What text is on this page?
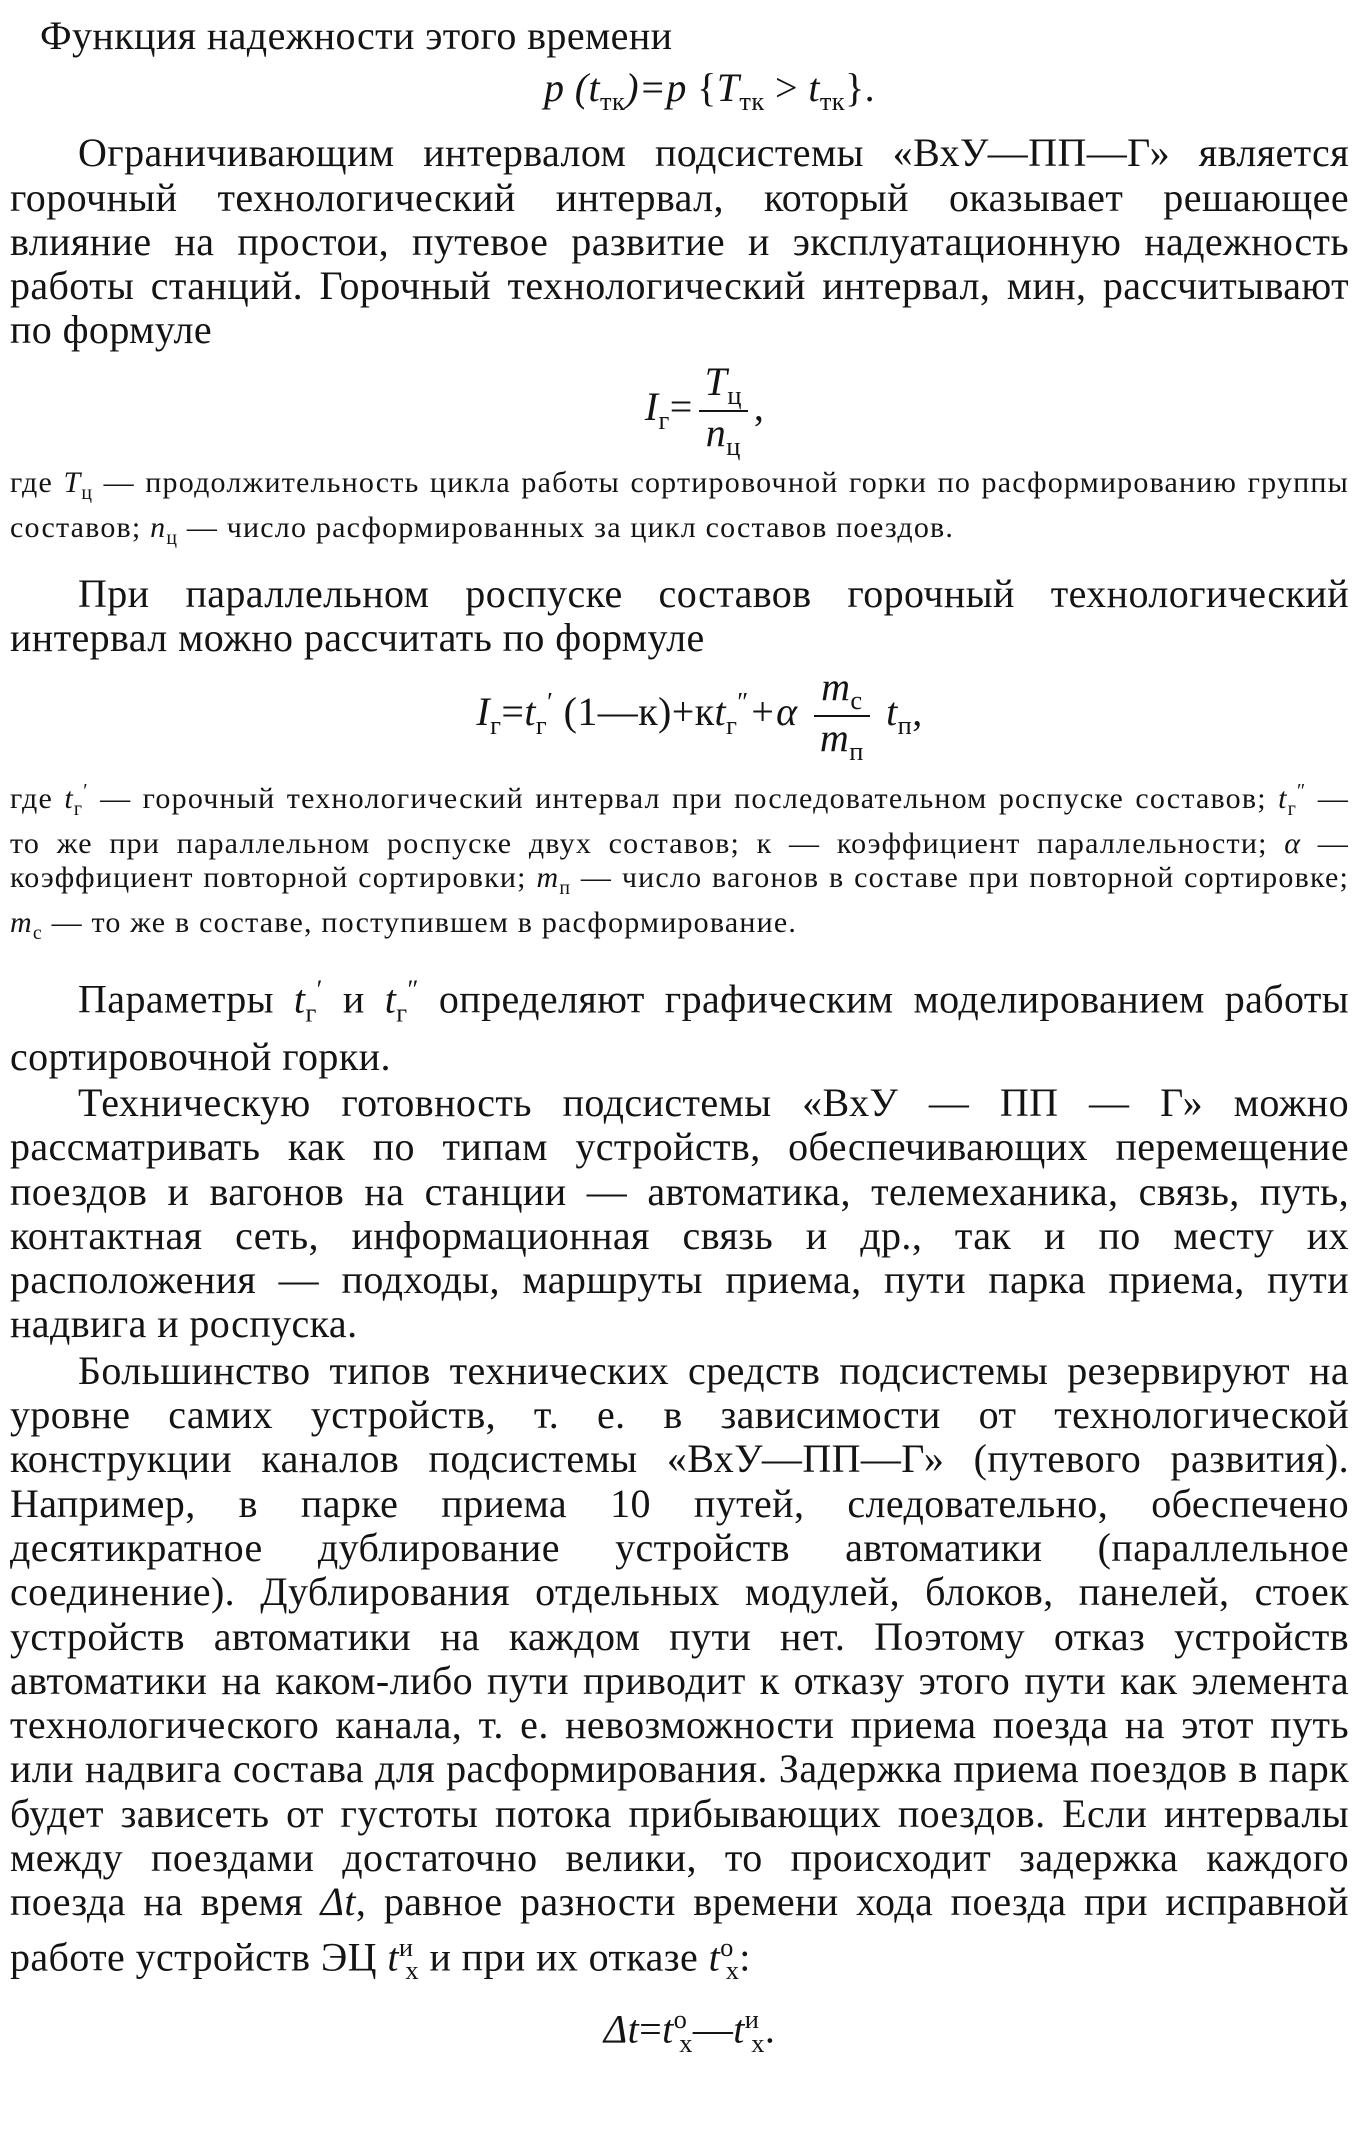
Функция надежности этого времени

p $(t_{тк})=p$ $\{T_{тк} > t_{тк}\}$.

Ограничивающим интервалом подсистемы «ВхУ—ПП—Г» является горочный технологический интервал, который оказывает решающее влияние на простои, путевое развитие и эксплуатационную надежность работы станций. Горочный технологический интервал, мин, рассчитывают по формуле

$I_г= \frac{T_ц}{n_ц}$ ,

где $T_ц$ — продолжительность цикла работы сортировочной горки по расформированию группы составов; $n_ц$ — число расформированных за цикл составов поездов.

При параллельном роспуске составов горочный технологический интервал можно рассчитать по формуле

$I_г=t_г'$ $(1—к)+кt_г''+\alpha \frac{m_с}{m_п} t_п$,

где $t_г'$ — горочный технологический интервал при последовательном роспуске составов; $t_г''$ — то же при параллельном роспуске двух составов; к — коэффициент параллельности; α — коэффициент повторной сортировки; $m_п$ — число вагонов в составе при повторной сортировке; $m_с$ — то же в составе, поступившем в расформирование.

Параметры $t_г'$ и $t_г''$ определяют графическим моделированием работы сортировочной горки.

Техническую готовность подсистемы «ВхУ — ПП — Г» можно рассматривать как по типам устройств, обеспечивающих перемещение поездов и вагонов на станции — автоматика, телемеханика, связь, путь, контактная сеть, информационная связь и др., так и по месту их расположения — подходы, маршруты приема, пути парка приема, пути надвига и роспуска.

Большинство типов технических средств подсистемы резервируют на уровне самих устройств, т. е. в зависимости от технологической конструкции каналов подсистемы «ВхУ—ПП—Г» (путевого развития). Например, в парке приема 10 путей, следовательно, обеспечено десятикратное дублирование устройств автоматики (параллельное соединение). Дублирования отдельных модулей, блоков, панелей, стоек устройств автоматики на каждом пути нет. Поэтому отказ устройств автоматики на каком-либо пути приводит к отказу этого пути как элемента технологического канала, т. е. невозможности приема поезда на этот путь или надвига состава для расформирования. Задержка приема поездов в парк будет зависеть от густоты потока прибывающих поездов. Если интервалы между поездами достаточно велики, то происходит задержка каждого поезда на время Δt, равное разности времени хода поезда при исправной работе устройств ЭЦ $t^и_х$ и при их отказе $t^о_х$:

$\Delta t=t^о_х—t^и_х$.
